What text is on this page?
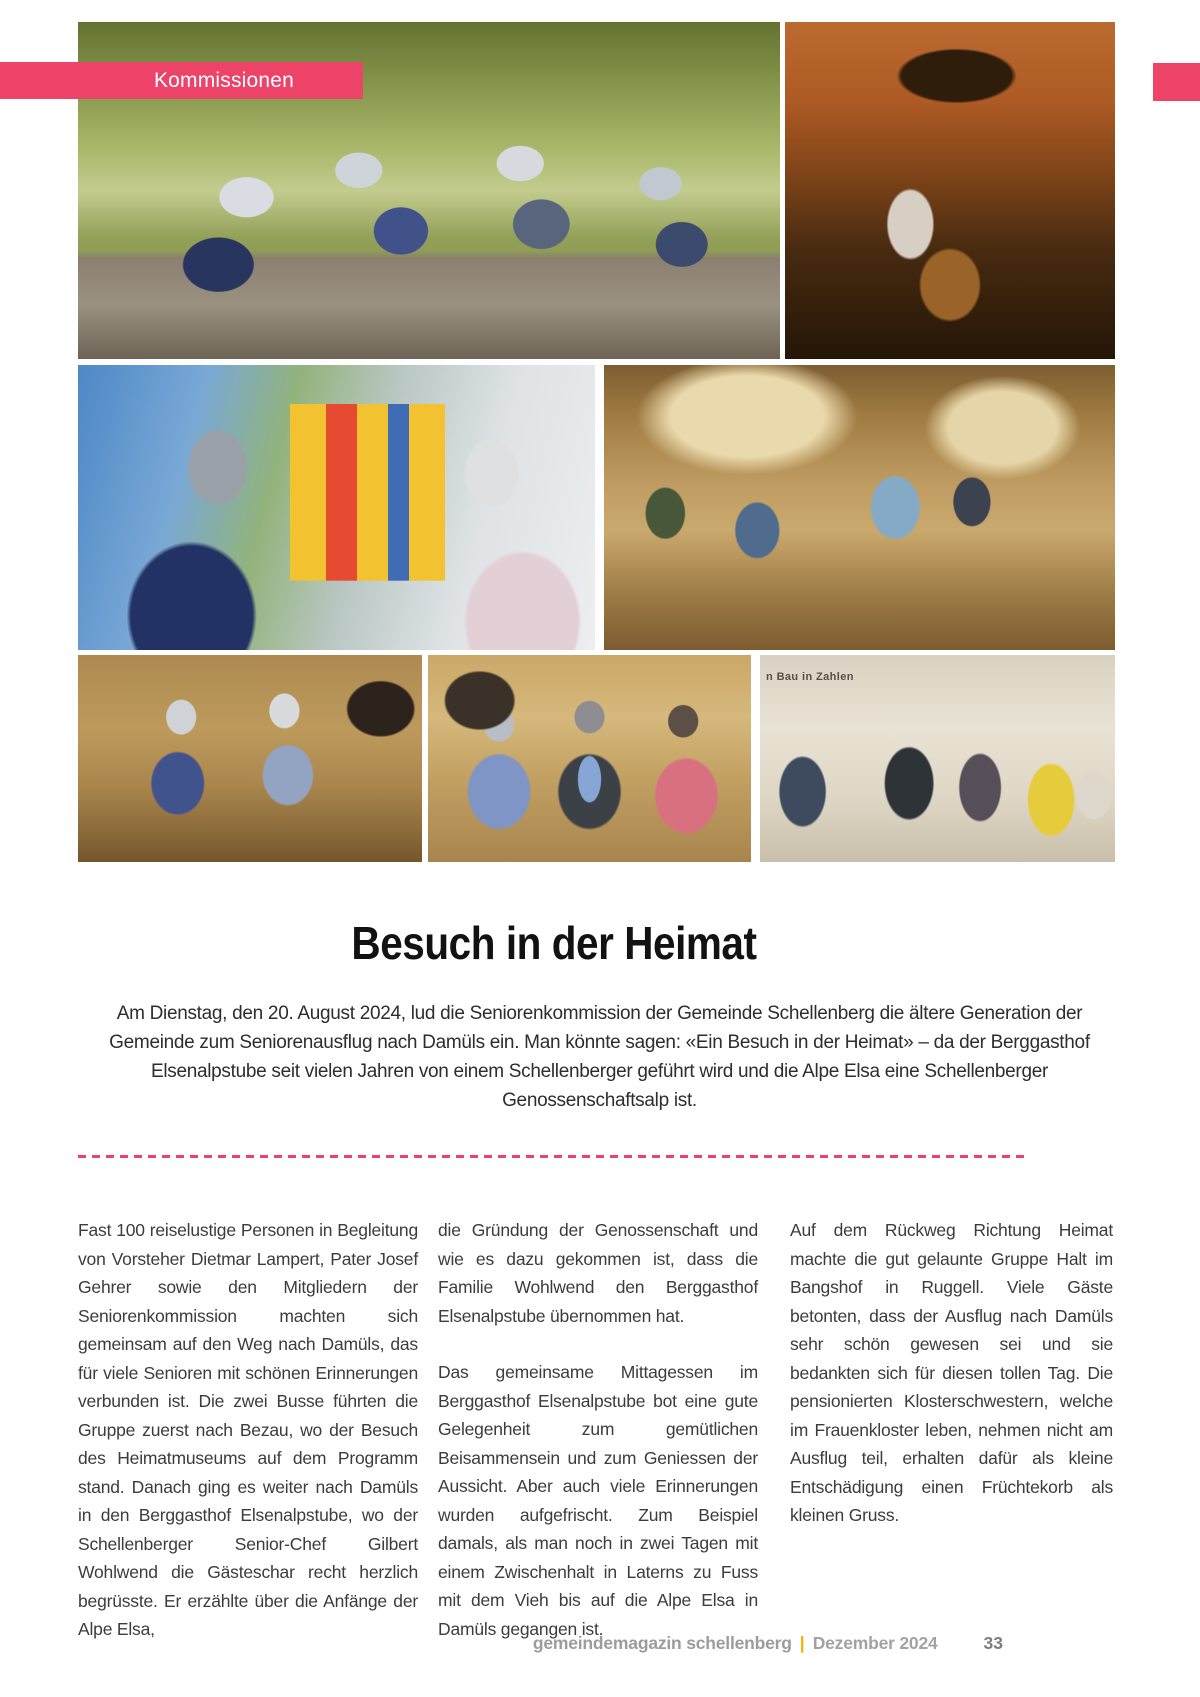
n Bau in Zahlen
Kommissionen
Besuch in der Heimat

Am Dienstag, den 20. August 2024, lud die Seniorenkommission der Gemeinde Schellenberg die ältere Generation der Gemeinde zum Seniorenausflug nach Damüls ein. Man könnte sagen: «Ein Besuch in der Heimat» – da der Berggasthof Elsenalpstube seit vielen Jahren von einem Schellenberger geführt wird und die Alpe Elsa eine Schellenberger Genossenschaftsalp ist.

Fast 100 reiselustige Personen in Begleitung von Vorsteher Dietmar Lampert, Pater Josef Gehrer sowie den Mitgliedern der Seniorenkommission machten sich gemeinsam auf den Weg nach Damüls, das für viele Senioren mit schönen Erinnerungen verbunden ist. Die zwei Busse führten die Gruppe zuerst nach Bezau, wo der Besuch des Heimatmuseums auf dem Programm stand. Danach ging es weiter nach Damüls in den Berggasthof Elsenalpstube, wo der Schellenberger Senior-Chef Gilbert Wohlwend die Gästeschar recht herzlich begrüsste. Er erzählte über die Anfänge der Alpe Elsa,

die Gründung der Genossenschaft und wie es dazu gekommen ist, dass die Familie Wohlwend den Berggasthof Elsenalpstube übernommen hat.

Das gemeinsame Mittagessen im Berggasthof Elsenalpstube bot eine gute Gelegenheit zum gemütlichen Beisammensein und zum Geniessen der Aussicht. Aber auch viele Erinnerungen wurden aufgefrischt. Zum Beispiel damals, als man noch in zwei Tagen mit einem Zwischenhalt in Laterns zu Fuss mit dem Vieh bis auf die Alpe Elsa in Damüls gegangen ist.

Auf dem Rückweg Richtung Heimat machte die gut gelaunte Gruppe Halt im Bangshof in Ruggell. Viele Gäste betonten, dass der Ausflug nach Damüls sehr schön gewesen sei und sie bedankten sich für diesen tollen Tag. Die pensionierten Klosterschwestern, welche im Frauenkloster leben, nehmen nicht am Ausflug teil, erhalten dafür als kleine Entschädigung einen Früchtekorb als kleinen Gruss.

gemeindemagazin schellenberg | Dezember 2024	33
